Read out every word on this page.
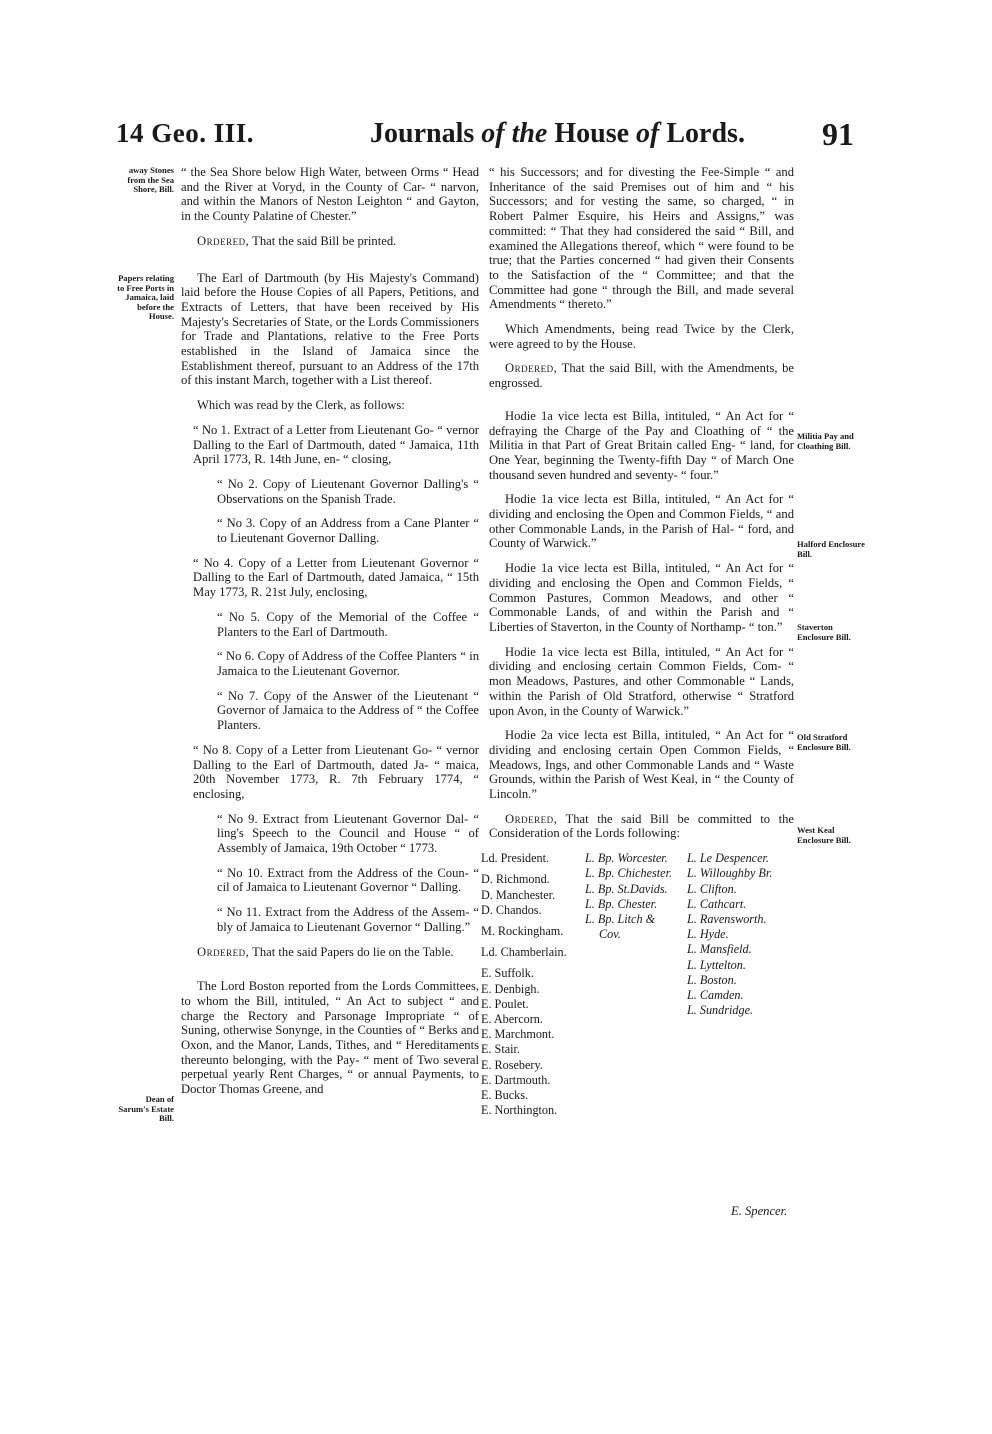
14 Geo. III.	Journals of the House of Lords. 91
away Stones from the Sea Shore, Bill.
Papers relating to Free Ports in Jamaica, laid before the House.
Dean of Sarum's Estate Bill.
Militia Pay and Cloathing Bill.
Halford Enclosure Bill.
Staverton Enclosure Bill.
Old Stratford Enclosure Bill.
West Keal Enclosure Bill.

“ the Sea Shore below High Water, between Orms “ Head and the River at Voryd, in the County of Car- “ narvon, and within the Manors of Neston Leighton “ and Gayton, in the County Palatine of Chester.”

Ordered, That the said Bill be printed.

The Earl of Dartmouth (by His Majesty's Command) laid before the House Copies of all Papers, Petitions, and Extracts of Letters, that have been received by His Majesty's Secretaries of State, or the Lords Commissioners for Trade and Plantations, relative to the Free Ports established in the Island of Jamaica since the Establishment thereof, pursuant to an Address of the 17th of this instant March, together with a List thereof.

Which was read by the Clerk, as follows:

“ No 1. Extract of a Letter from Lieutenant Go- “ vernor Dalling to the Earl of Dartmouth, dated “ Jamaica, 11th April 1773, R. 14th June, en- “ closing,

“ No 2. Copy of Lieutenant Governor Dalling's “ Observations on the Spanish Trade.

“ No 3. Copy of an Address from a Cane Planter “ to Lieutenant Governor Dalling.

“ No 4. Copy of a Letter from Lieutenant Governor “ Dalling to the Earl of Dartmouth, dated Jamaica, “ 15th May 1773, R. 21st July, enclosing,

“ No 5. Copy of the Memorial of the Coffee “ Planters to the Earl of Dartmouth.

“ No 6. Copy of Address of the Coffee Planters “ in Jamaica to the Lieutenant Governor.

“ No 7. Copy of the Answer of the Lieutenant “ Governor of Jamaica to the Address of “ the Coffee Planters.

“ No 8. Copy of a Letter from Lieutenant Go- “ vernor Dalling to the Earl of Dartmouth, dated Ja- “ maica, 20th November 1773, R. 7th February 1774, “ enclosing,

“ No 9. Extract from Lieutenant Governor Dal- “ ling's Speech to the Council and House “ of Assembly of Jamaica, 19th October “ 1773.

“ No 10. Extract from the Address of the Coun- “ cil of Jamaica to Lieutenant Governor “ Dalling.

“ No 11. Extract from the Address of the Assem- “ bly of Jamaica to Lieutenant Governor “ Dalling.”

Ordered, That the said Papers do lie on the Table.

The Lord Boston reported from the Lords Committees, to whom the Bill, intituled, “ An Act to subject “ and charge the Rectory and Parsonage Impropriate “ of Suning, otherwise Sonynge, in the Counties of “ Berks and Oxon, and the Manor, Lands, Tithes, and “ Hereditaments thereunto belonging, with the Pay- “ ment of Two several perpetual yearly Rent Charges, “ or annual Payments, to Doctor Thomas Greene, and

“ his Successors; and for divesting the Fee-Simple “ and Inheritance of the said Premises out of him and “ his Successors; and for vesting the same, so charged, “ in Robert Palmer Esquire, his Heirs and Assigns,” was committed: “ That they had considered the said “ Bill, and examined the Allegations thereof, which “ were found to be true; that the Parties concerned “ had given their Consents to the Satisfaction of the “ Committee; and that the Committee had gone “ through the Bill, and made several Amendments “ thereto.”

Which Amendments, being read Twice by the Clerk, were agreed to by the House.

Ordered, That the said Bill, with the Amendments, be engrossed.

Hodie 1a vice lecta est Billa, intituled, “ An Act for “ defraying the Charge of the Pay and Cloathing of “ the Militia in that Part of Great Britain called Eng- “ land, for One Year, beginning the Twenty-fifth Day “ of March One thousand seven hundred and seventy- “ four.”

Hodie 1a vice lecta est Billa, intituled, “ An Act for “ dividing and enclosing the Open and Common Fields, “ and other Commonable Lands, in the Parish of Hal- “ ford, and County of Warwick.”

Hodie 1a vice lecta est Billa, intituled, “ An Act for “ dividing and enclosing the Open and Common Fields, “ Common Pastures, Common Meadows, and other “ Commonable Lands, of and within the Parish and “ Liberties of Staverton, in the County of Northamp- “ ton.”

Hodie 1a vice lecta est Billa, intituled, “ An Act for “ dividing and enclosing certain Common Fields, Com- “ mon Meadows, Pastures, and other Commonable “ Lands, within the Parish of Old Stratford, otherwise “ Stratford upon Avon, in the County of Warwick.”

Hodie 2a vice lecta est Billa, intituled, “ An Act for “ dividing and enclosing certain Open Common Fields, “ Meadows, Ings, and other Commonable Lands and “ Waste Grounds, within the Parish of West Keal, in “ the County of Lincoln.”

Ordered, That the said Bill be committed to the Consideration of the Lords following:

Ld. President.
D. Richmond.
D. Manchester.
D. Chandos.
M. Rockingham.
Ld. Chamberlain.
E. Suffolk.
E. Denbigh.
E. Poulet.
E. Abercorn.
E. Marchmont.
E. Stair.
E. Rosebery.
E. Dartmouth.
E. Bucks.
E. Northington.
L. Bp. Worcester.
L. Bp. Chichester.
L. Bp. St.Davids.
L. Bp. Chester.
L. Bp. Litch &
Cov.
L. Le Despencer.
L. Willoughby Br.
L. Clifton.
L. Cathcart.
L. Ravensworth.
L. Hyde.
L. Mansfield.
L. Lyttelton.
L. Boston.
L. Camden.
L. Sundridge.
E. Spencer.
